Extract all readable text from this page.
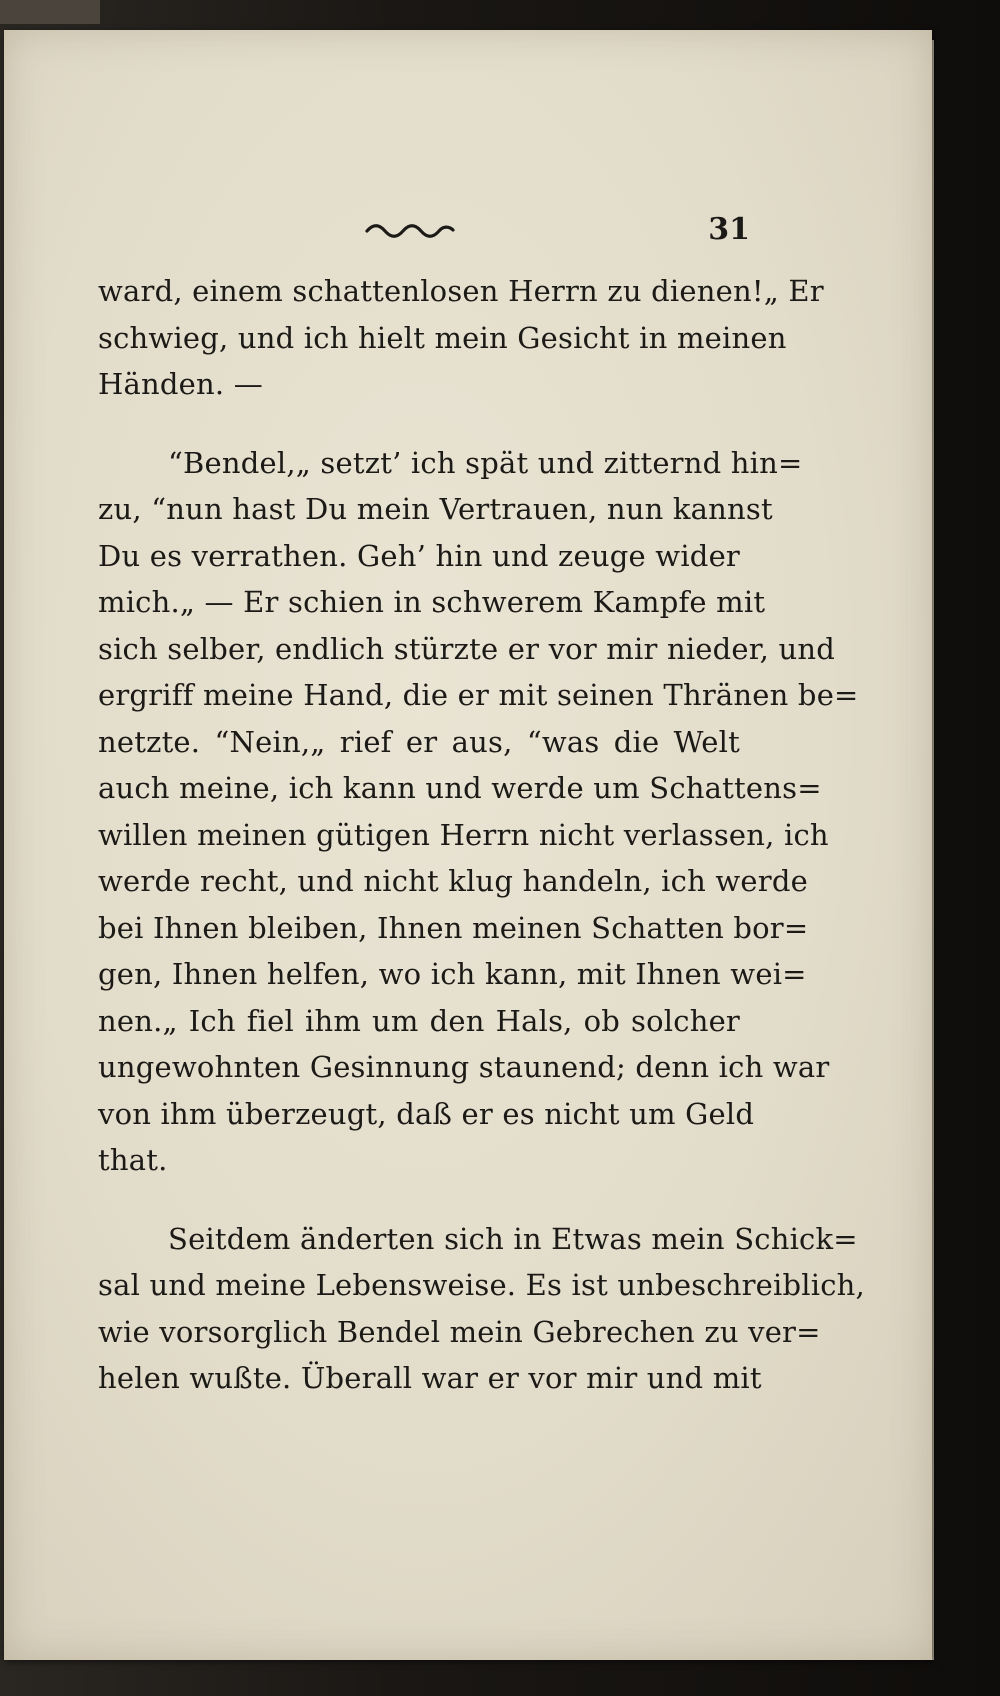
31
ward, einem schattenlosen Herrn zu dienen!„ Er
schwieg, und ich hielt mein Gesicht in meinen
Händen. —
“Bendel,„ setzt’ ich spät und zitternd hin=
zu, “nun hast Du mein Vertrauen, nun kannst
Du es verrathen. Geh’ hin und zeuge wider
mich.„ — Er schien in schwerem Kampfe mit
sich selber, endlich stürzte er vor mir nieder, und
ergriff meine Hand, die er mit seinen Thränen be=
netzte. “Nein,„ rief er aus, “was die Welt
auch meine, ich kann und werde um Schattens=
willen meinen gütigen Herrn nicht verlassen, ich
werde recht, und nicht klug handeln, ich werde
bei Ihnen bleiben, Ihnen meinen Schatten bor=
gen, Ihnen helfen, wo ich kann, mit Ihnen wei=
nen.„ Ich fiel ihm um den Hals, ob solcher
ungewohnten Gesinnung staunend; denn ich war
von ihm überzeugt, daß er es nicht um Geld
that.
Seitdem änderten sich in Etwas mein Schick=
sal und meine Lebensweise. Es ist unbeschreiblich,
wie vorsorglich Bendel mein Gebrechen zu ver=
helen wußte. Überall war er vor mir und mit
